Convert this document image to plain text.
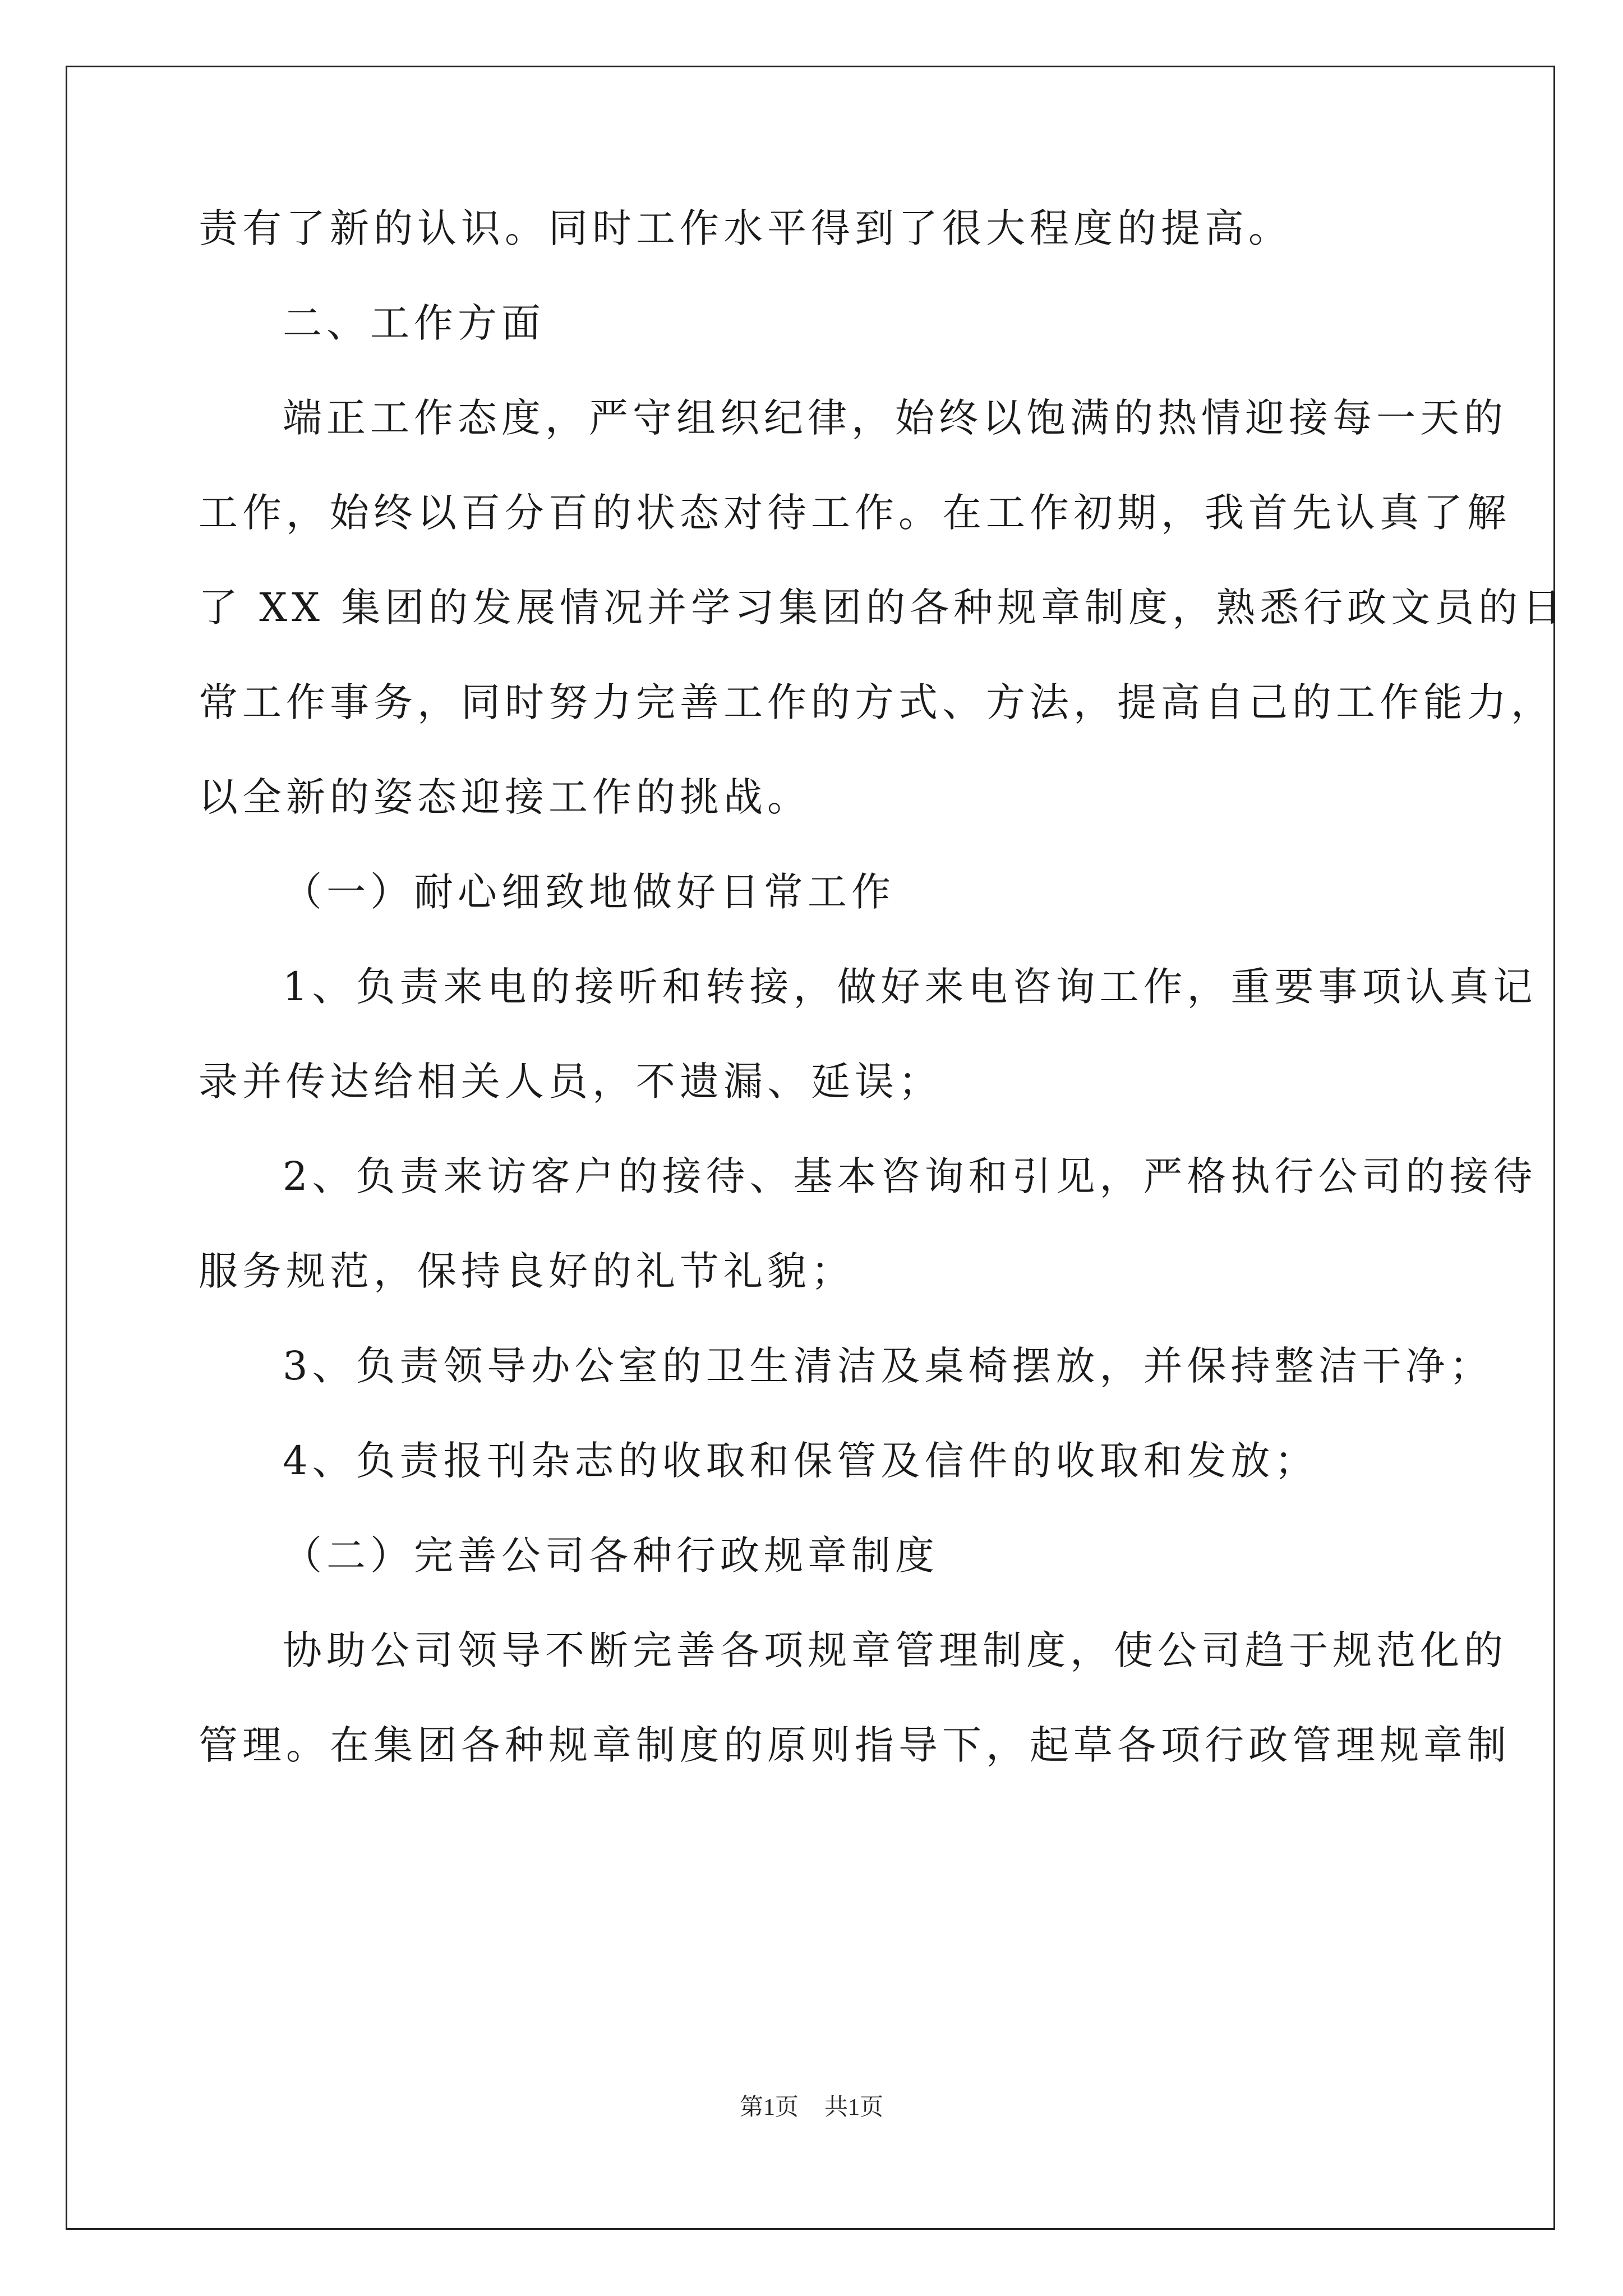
责有了新的认识。同时工作水平得到了很大程度的提高。

二、工作方面

端正工作态度，严守组织纪律，始终以饱满的热情迎接每一天的

工作，始终以百分百的状态对待工作。在工作初期，我首先认真了解

了 XX 集团的发展情况并学习集团的各种规章制度，熟悉行政文员的日

常工作事务，同时努力完善工作的方式、方法，提高自己的工作能力，

以全新的姿态迎接工作的挑战。

（一）耐心细致地做好日常工作

1、负责来电的接听和转接，做好来电咨询工作，重要事项认真记

录并传达给相关人员，不遗漏、延误；

2、负责来访客户的接待、基本咨询和引见，严格执行公司的接待

服务规范，保持良好的礼节礼貌；

3、负责领导办公室的卫生清洁及桌椅摆放，并保持整洁干净；

4、负责报刊杂志的收取和保管及信件的收取和发放；

（二）完善公司各种行政规章制度

协助公司领导不断完善各项规章管理制度，使公司趋于规范化的

管理。在集团各种规章制度的原则指导下，起草各项行政管理规章制

第1页 共1页
